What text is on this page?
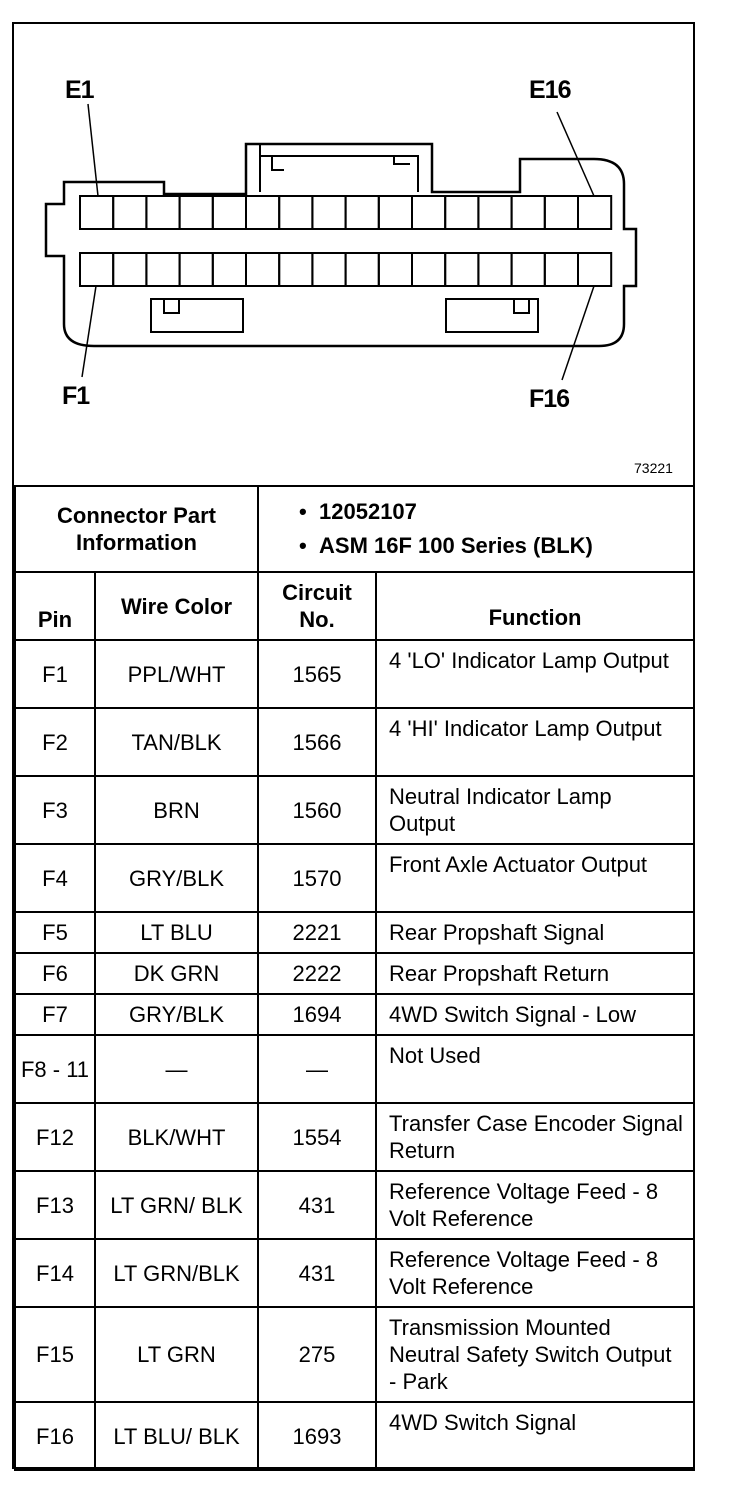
E1	E16
F1	F16
73221
Connector Part Information		• 12052107
• ASM 16F 100 Series (BLK)	

Pin	Wire Color	Circuit No.	Function
F1	PPL/WHT	1565	4 'LO' Indicator Lamp Output
F2	TAN/BLK	1566	4 'HI' Indicator Lamp Output
F3	BRN	1560	Neutral Indicator Lamp Output
F4	GRY/BLK	1570	Front Axle Actuator Output
F5	LT BLU	2221	Rear Propshaft Signal
F6	DK GRN	2222	Rear Propshaft Return
F7	GRY/BLK	1694	4WD Switch Signal - Low
F8 - 11	—	—	Not Used
F12	BLK/WHT	1554	Transfer Case Encoder Signal Return
F13	LT GRN/ BLK	431	Reference Voltage Feed - 8 Volt Reference
F14	LT GRN/BLK	431	Reference Voltage Feed - 8 Volt Reference
F15	LT GRN	275	Transmission Mounted Neutral Safety Switch Output - Park
F16	LT BLU/ BLK	1693	4WD Switch Signal
